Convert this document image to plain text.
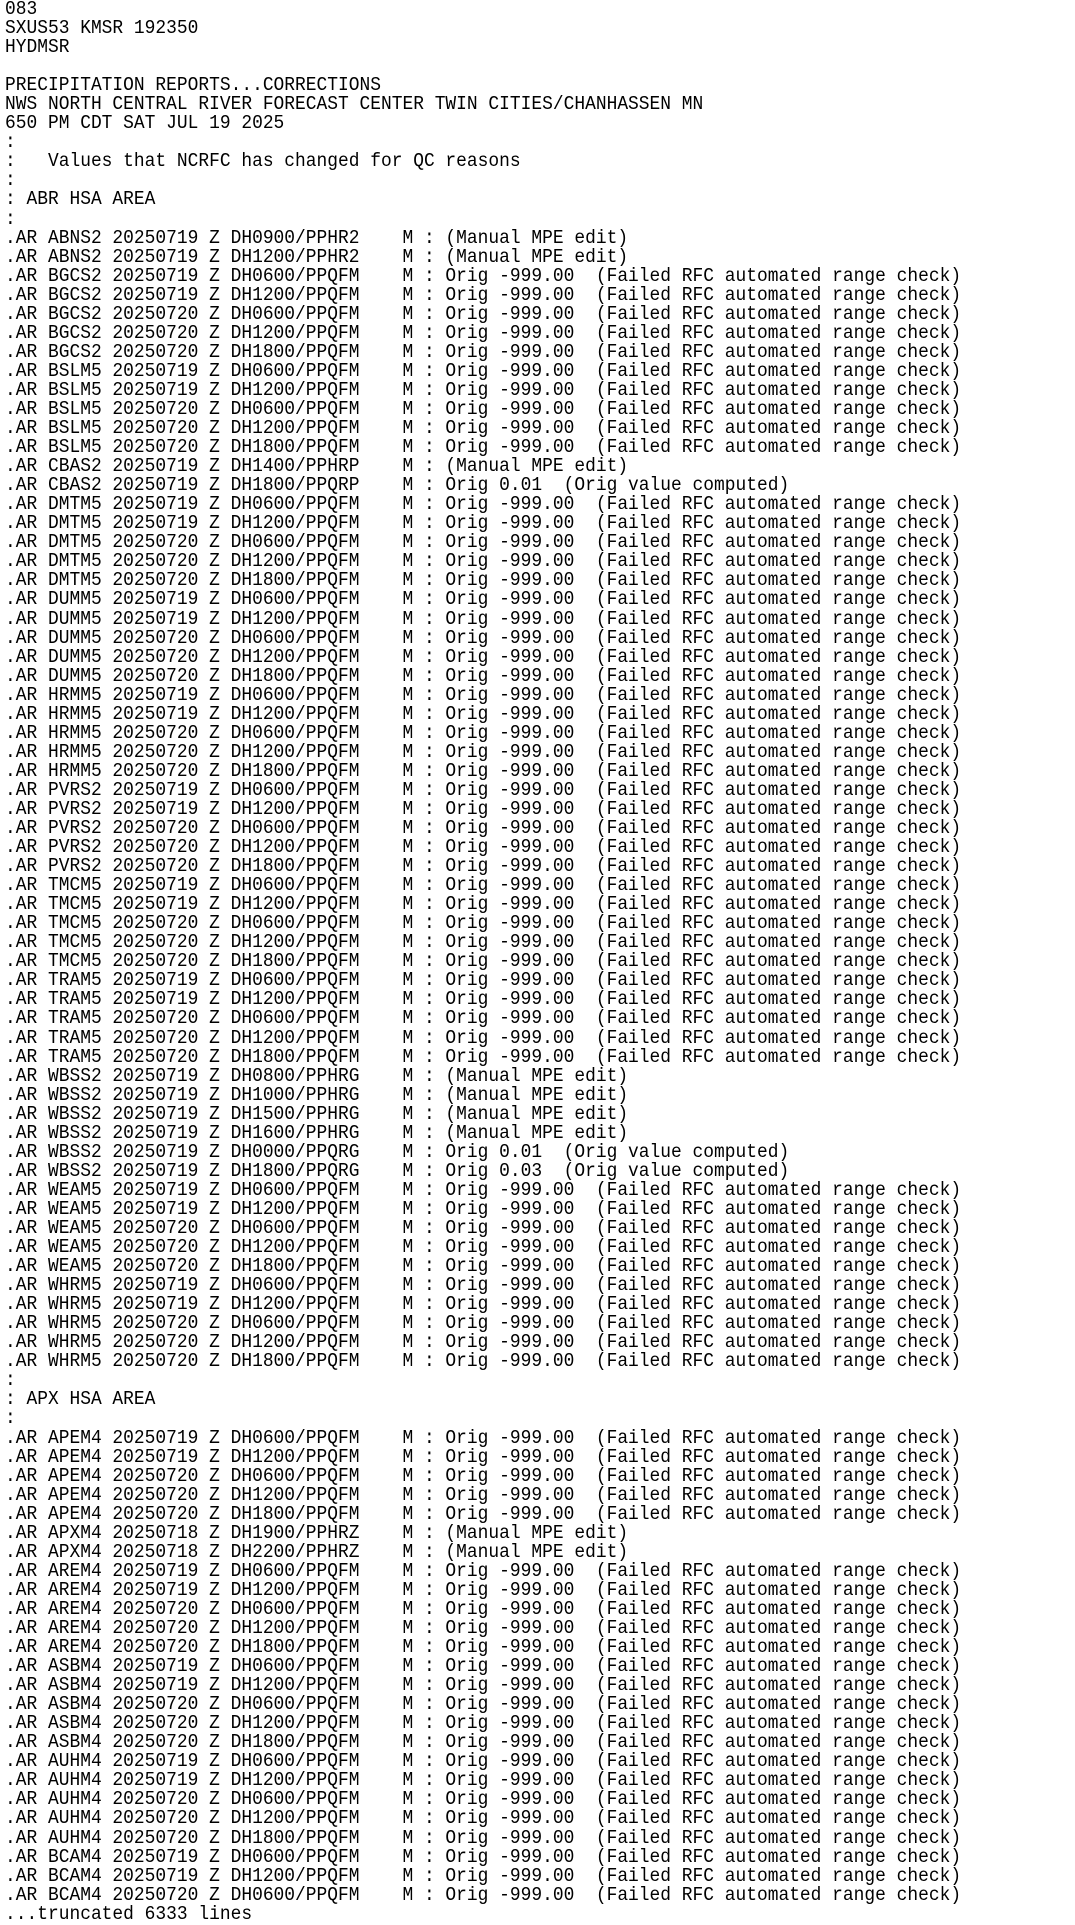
083
SXUS53 KMSR 192350
HYDMSR
PRECIPITATION REPORTS...CORRECTIONS
NWS NORTH CENTRAL RIVER FORECAST CENTER TWIN CITIES/CHANHASSEN MN
650 PM CDT SAT JUL 19 2025
:
:   Values that NCRFC has changed for QC reasons
:
: ABR HSA AREA
:
.AR ABNS2 20250719 Z DH0900/PPHR2    M : (Manual MPE edit)
.AR ABNS2 20250719 Z DH1200/PPHR2    M : (Manual MPE edit)
.AR BGCS2 20250719 Z DH0600/PPQFM    M : Orig -999.00  (Failed RFC automated range check)
.AR BGCS2 20250719 Z DH1200/PPQFM    M : Orig -999.00  (Failed RFC automated range check)
.AR BGCS2 20250720 Z DH0600/PPQFM    M : Orig -999.00  (Failed RFC automated range check)
.AR BGCS2 20250720 Z DH1200/PPQFM    M : Orig -999.00  (Failed RFC automated range check)
.AR BGCS2 20250720 Z DH1800/PPQFM    M : Orig -999.00  (Failed RFC automated range check)
.AR BSLM5 20250719 Z DH0600/PPQFM    M : Orig -999.00  (Failed RFC automated range check)
.AR BSLM5 20250719 Z DH1200/PPQFM    M : Orig -999.00  (Failed RFC automated range check)
.AR BSLM5 20250720 Z DH0600/PPQFM    M : Orig -999.00  (Failed RFC automated range check)
.AR BSLM5 20250720 Z DH1200/PPQFM    M : Orig -999.00  (Failed RFC automated range check)
.AR BSLM5 20250720 Z DH1800/PPQFM    M : Orig -999.00  (Failed RFC automated range check)
.AR CBAS2 20250719 Z DH1400/PPHRP    M : (Manual MPE edit)
.AR CBAS2 20250719 Z DH1800/PPQRP    M : Orig 0.01  (Orig value computed)
.AR DMTM5 20250719 Z DH0600/PPQFM    M : Orig -999.00  (Failed RFC automated range check)
.AR DMTM5 20250719 Z DH1200/PPQFM    M : Orig -999.00  (Failed RFC automated range check)
.AR DMTM5 20250720 Z DH0600/PPQFM    M : Orig -999.00  (Failed RFC automated range check)
.AR DMTM5 20250720 Z DH1200/PPQFM    M : Orig -999.00  (Failed RFC automated range check)
.AR DMTM5 20250720 Z DH1800/PPQFM    M : Orig -999.00  (Failed RFC automated range check)
.AR DUMM5 20250719 Z DH0600/PPQFM    M : Orig -999.00  (Failed RFC automated range check)
.AR DUMM5 20250719 Z DH1200/PPQFM    M : Orig -999.00  (Failed RFC automated range check)
.AR DUMM5 20250720 Z DH0600/PPQFM    M : Orig -999.00  (Failed RFC automated range check)
.AR DUMM5 20250720 Z DH1200/PPQFM    M : Orig -999.00  (Failed RFC automated range check)
.AR DUMM5 20250720 Z DH1800/PPQFM    M : Orig -999.00  (Failed RFC automated range check)
.AR HRMM5 20250719 Z DH0600/PPQFM    M : Orig -999.00  (Failed RFC automated range check)
.AR HRMM5 20250719 Z DH1200/PPQFM    M : Orig -999.00  (Failed RFC automated range check)
.AR HRMM5 20250720 Z DH0600/PPQFM    M : Orig -999.00  (Failed RFC automated range check)
.AR HRMM5 20250720 Z DH1200/PPQFM    M : Orig -999.00  (Failed RFC automated range check)
.AR HRMM5 20250720 Z DH1800/PPQFM    M : Orig -999.00  (Failed RFC automated range check)
.AR PVRS2 20250719 Z DH0600/PPQFM    M : Orig -999.00  (Failed RFC automated range check)
.AR PVRS2 20250719 Z DH1200/PPQFM    M : Orig -999.00  (Failed RFC automated range check)
.AR PVRS2 20250720 Z DH0600/PPQFM    M : Orig -999.00  (Failed RFC automated range check)
.AR PVRS2 20250720 Z DH1200/PPQFM    M : Orig -999.00  (Failed RFC automated range check)
.AR PVRS2 20250720 Z DH1800/PPQFM    M : Orig -999.00  (Failed RFC automated range check)
.AR TMCM5 20250719 Z DH0600/PPQFM    M : Orig -999.00  (Failed RFC automated range check)
.AR TMCM5 20250719 Z DH1200/PPQFM    M : Orig -999.00  (Failed RFC automated range check)
.AR TMCM5 20250720 Z DH0600/PPQFM    M : Orig -999.00  (Failed RFC automated range check)
.AR TMCM5 20250720 Z DH1200/PPQFM    M : Orig -999.00  (Failed RFC automated range check)
.AR TMCM5 20250720 Z DH1800/PPQFM    M : Orig -999.00  (Failed RFC automated range check)
.AR TRAM5 20250719 Z DH0600/PPQFM    M : Orig -999.00  (Failed RFC automated range check)
.AR TRAM5 20250719 Z DH1200/PPQFM    M : Orig -999.00  (Failed RFC automated range check)
.AR TRAM5 20250720 Z DH0600/PPQFM    M : Orig -999.00  (Failed RFC automated range check)
.AR TRAM5 20250720 Z DH1200/PPQFM    M : Orig -999.00  (Failed RFC automated range check)
.AR TRAM5 20250720 Z DH1800/PPQFM    M : Orig -999.00  (Failed RFC automated range check)
.AR WBSS2 20250719 Z DH0800/PPHRG    M : (Manual MPE edit)
.AR WBSS2 20250719 Z DH1000/PPHRG    M : (Manual MPE edit)
.AR WBSS2 20250719 Z DH1500/PPHRG    M : (Manual MPE edit)
.AR WBSS2 20250719 Z DH1600/PPHRG    M : (Manual MPE edit)
.AR WBSS2 20250719 Z DH0000/PPQRG    M : Orig 0.01  (Orig value computed)
.AR WBSS2 20250719 Z DH1800/PPQRG    M : Orig 0.03  (Orig value computed)
.AR WEAM5 20250719 Z DH0600/PPQFM    M : Orig -999.00  (Failed RFC automated range check)
.AR WEAM5 20250719 Z DH1200/PPQFM    M : Orig -999.00  (Failed RFC automated range check)
.AR WEAM5 20250720 Z DH0600/PPQFM    M : Orig -999.00  (Failed RFC automated range check)
.AR WEAM5 20250720 Z DH1200/PPQFM    M : Orig -999.00  (Failed RFC automated range check)
.AR WEAM5 20250720 Z DH1800/PPQFM    M : Orig -999.00  (Failed RFC automated range check)
.AR WHRM5 20250719 Z DH0600/PPQFM    M : Orig -999.00  (Failed RFC automated range check)
.AR WHRM5 20250719 Z DH1200/PPQFM    M : Orig -999.00  (Failed RFC automated range check)
.AR WHRM5 20250720 Z DH0600/PPQFM    M : Orig -999.00  (Failed RFC automated range check)
.AR WHRM5 20250720 Z DH1200/PPQFM    M : Orig -999.00  (Failed RFC automated range check)
.AR WHRM5 20250720 Z DH1800/PPQFM    M : Orig -999.00  (Failed RFC automated range check)
:
: APX HSA AREA
:
.AR APEM4 20250719 Z DH0600/PPQFM    M : Orig -999.00  (Failed RFC automated range check)
.AR APEM4 20250719 Z DH1200/PPQFM    M : Orig -999.00  (Failed RFC automated range check)
.AR APEM4 20250720 Z DH0600/PPQFM    M : Orig -999.00  (Failed RFC automated range check)
.AR APEM4 20250720 Z DH1200/PPQFM    M : Orig -999.00  (Failed RFC automated range check)
.AR APEM4 20250720 Z DH1800/PPQFM    M : Orig -999.00  (Failed RFC automated range check)
.AR APXM4 20250718 Z DH1900/PPHRZ    M : (Manual MPE edit)
.AR APXM4 20250718 Z DH2200/PPHRZ    M : (Manual MPE edit)
.AR AREM4 20250719 Z DH0600/PPQFM    M : Orig -999.00  (Failed RFC automated range check)
.AR AREM4 20250719 Z DH1200/PPQFM    M : Orig -999.00  (Failed RFC automated range check)
.AR AREM4 20250720 Z DH0600/PPQFM    M : Orig -999.00  (Failed RFC automated range check)
.AR AREM4 20250720 Z DH1200/PPQFM    M : Orig -999.00  (Failed RFC automated range check)
.AR AREM4 20250720 Z DH1800/PPQFM    M : Orig -999.00  (Failed RFC automated range check)
.AR ASBM4 20250719 Z DH0600/PPQFM    M : Orig -999.00  (Failed RFC automated range check)
.AR ASBM4 20250719 Z DH1200/PPQFM    M : Orig -999.00  (Failed RFC automated range check)
.AR ASBM4 20250720 Z DH0600/PPQFM    M : Orig -999.00  (Failed RFC automated range check)
.AR ASBM4 20250720 Z DH1200/PPQFM    M : Orig -999.00  (Failed RFC automated range check)
.AR ASBM4 20250720 Z DH1800/PPQFM    M : Orig -999.00  (Failed RFC automated range check)
.AR AUHM4 20250719 Z DH0600/PPQFM    M : Orig -999.00  (Failed RFC automated range check)
.AR AUHM4 20250719 Z DH1200/PPQFM    M : Orig -999.00  (Failed RFC automated range check)
.AR AUHM4 20250720 Z DH0600/PPQFM    M : Orig -999.00  (Failed RFC automated range check)
.AR AUHM4 20250720 Z DH1200/PPQFM    M : Orig -999.00  (Failed RFC automated range check)
.AR AUHM4 20250720 Z DH1800/PPQFM    M : Orig -999.00  (Failed RFC automated range check)
.AR BCAM4 20250719 Z DH0600/PPQFM    M : Orig -999.00  (Failed RFC automated range check)
.AR BCAM4 20250719 Z DH1200/PPQFM    M : Orig -999.00  (Failed RFC automated range check)
.AR BCAM4 20250720 Z DH0600/PPQFM    M : Orig -999.00  (Failed RFC automated range check)
...truncated 6333 lines
